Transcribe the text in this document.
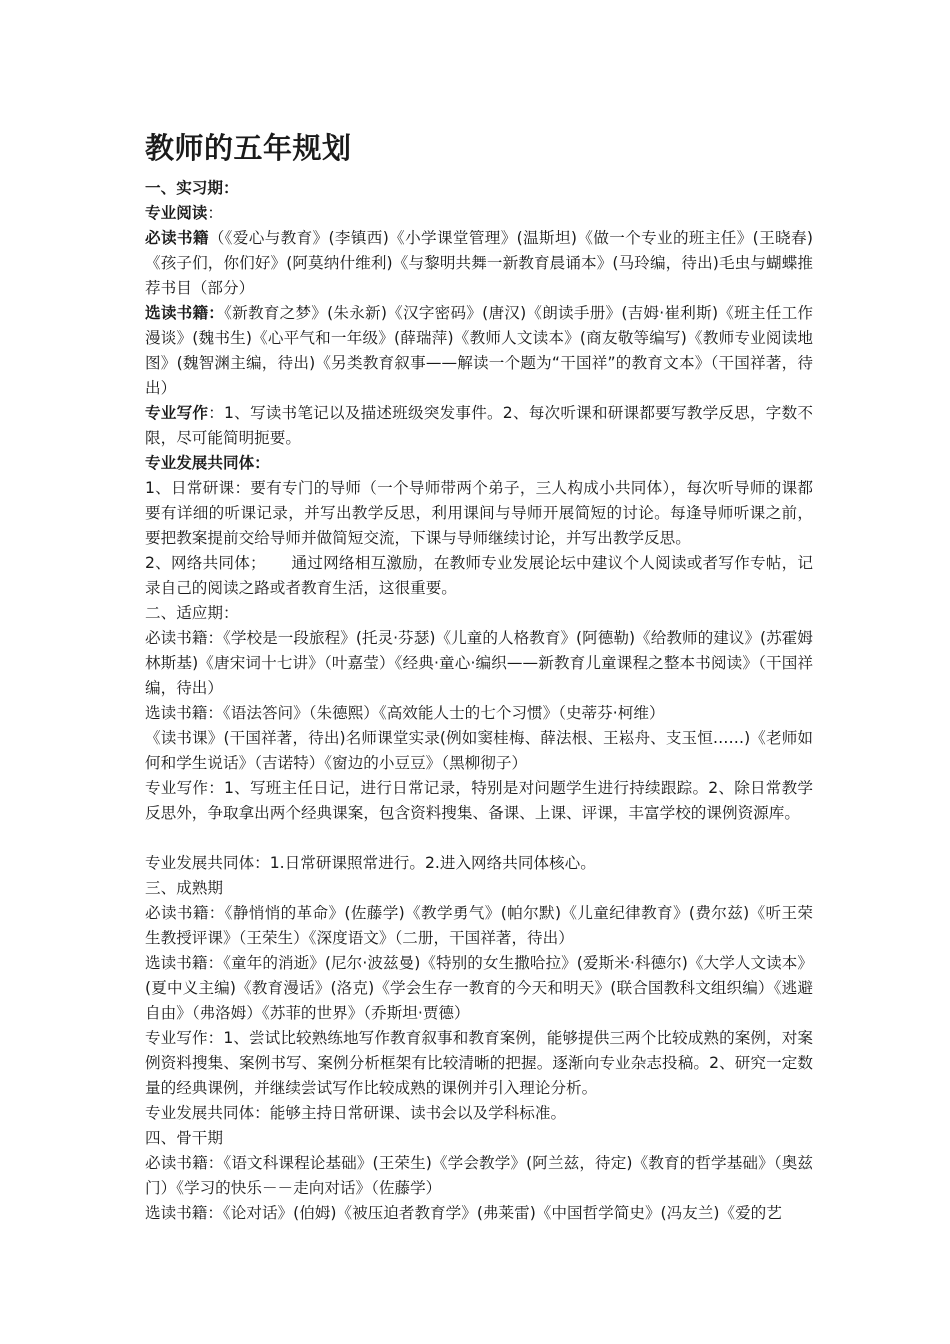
教师的五年规划

一、实习期：

专业阅读：

必读书籍（《爱心与教育》(李镇西)《小学课堂管理》(温斯坦)《做一个专业的班主任》(王晓春)《孩子们，你们好》(阿莫纳什维利)《与黎明共舞一新教育晨诵本》(马玲编，待出)毛虫与蝴蝶推荐书目（部分）

选读书籍：《新教育之梦》(朱永新)《汉字密码》(唐汉)《朗读手册》(吉姆·崔利斯)《班主任工作漫谈》(魏书生)《心平气和一年级》(薛瑞萍)《教师人文读本》(商友敬等编写)《教师专业阅读地图》(魏智渊主编，待出)《另类教育叙事——解读一个题为“干国祥”的教育文本》（干国祥著，待出）

专业写作：1、写读书笔记以及描述班级突发事件。2、每次听课和研课都要写教学反思，字数不限，尽可能简明扼要。

专业发展共同体：

1、日常研课：要有专门的导师（一个导师带两个弟子，三人构成小共同体），每次听导师的课都要有详细的听课记录，并写出教学反思，利用课间与导师开展简短的讨论。每逢导师听课之前，要把教案提前交给导师并做简短交流，下课与导师继续讨论，并写出教学反思。

2、网络共同体；     通过网络相互激励，在教师专业发展论坛中建议个人阅读或者写作专帖，记录自己的阅读之路或者教育生活，这很重要。

二、适应期：

必读书籍：《学校是一段旅程》(托灵·芬瑟)《儿童的人格教育》(阿德勒)《给教师的建议》(苏霍姆林斯基)《唐宋词十七讲》（叶嘉莹）《经典·童心·编织——新教育儿童课程之整本书阅读》（干国祥编，待出）

选读书籍：《语法答问》（朱德熙）《高效能人士的七个习惯》（史蒂芬·柯维）

《读书课》(干国祥著，待出)名师课堂实录(例如窦桂梅、薛法根、王崧舟、支玉恒……)《老师如何和学生说话》（吉诺特）《窗边的小豆豆》（黑柳彻子）

专业写作：1、写班主任日记，进行日常记录，特别是对问题学生进行持续跟踪。2、除日常教学反思外，争取拿出两个经典课案，包含资料搜集、备课、上课、评课，丰富学校的课例资源库。

专业发展共同体：1.日常研课照常进行。2.进入网络共同体核心。

三、成熟期

必读书籍：《静悄悄的革命》(佐藤学)《教学勇气》(帕尔默)《儿童纪律教育》(费尔兹)《听王荣生教授评课》（王荣生）《深度语文》（二册，干国祥著，待出）

选读书籍：《童年的消逝》(尼尔·波兹曼)《特别的女生撒哈拉》(爱斯米·科德尔)《大学人文读本》(夏中义主编)《教育漫话》(洛克)《学会生存一教育的今天和明天》(联合国教科文组织编）《逃避自由》（弗洛姆）《苏菲的世界》（乔斯坦·贾德）

专业写作：1、尝试比较熟练地写作教育叙事和教育案例，能够提供三两个比较成熟的案例，对案例资料搜集、案例书写、案例分析框架有比较清晰的把握。逐渐向专业杂志投稿。2、研究一定数量的经典课例，并继续尝试写作比较成熟的课例并引入理论分析。

专业发展共同体：能够主持日常研课、读书会以及学科标准。

四、骨干期

必读书籍：《语文科课程论基础》(王荣生)《学会教学》(阿兰兹，待定)《教育的哲学基础》（奥兹门）《学习的快乐－－走向对话》（佐藤学）

选读书籍：《论对话》(伯姆)《被压迫者教育学》(弗莱雷)《中国哲学简史》(冯友兰)《爱的艺
